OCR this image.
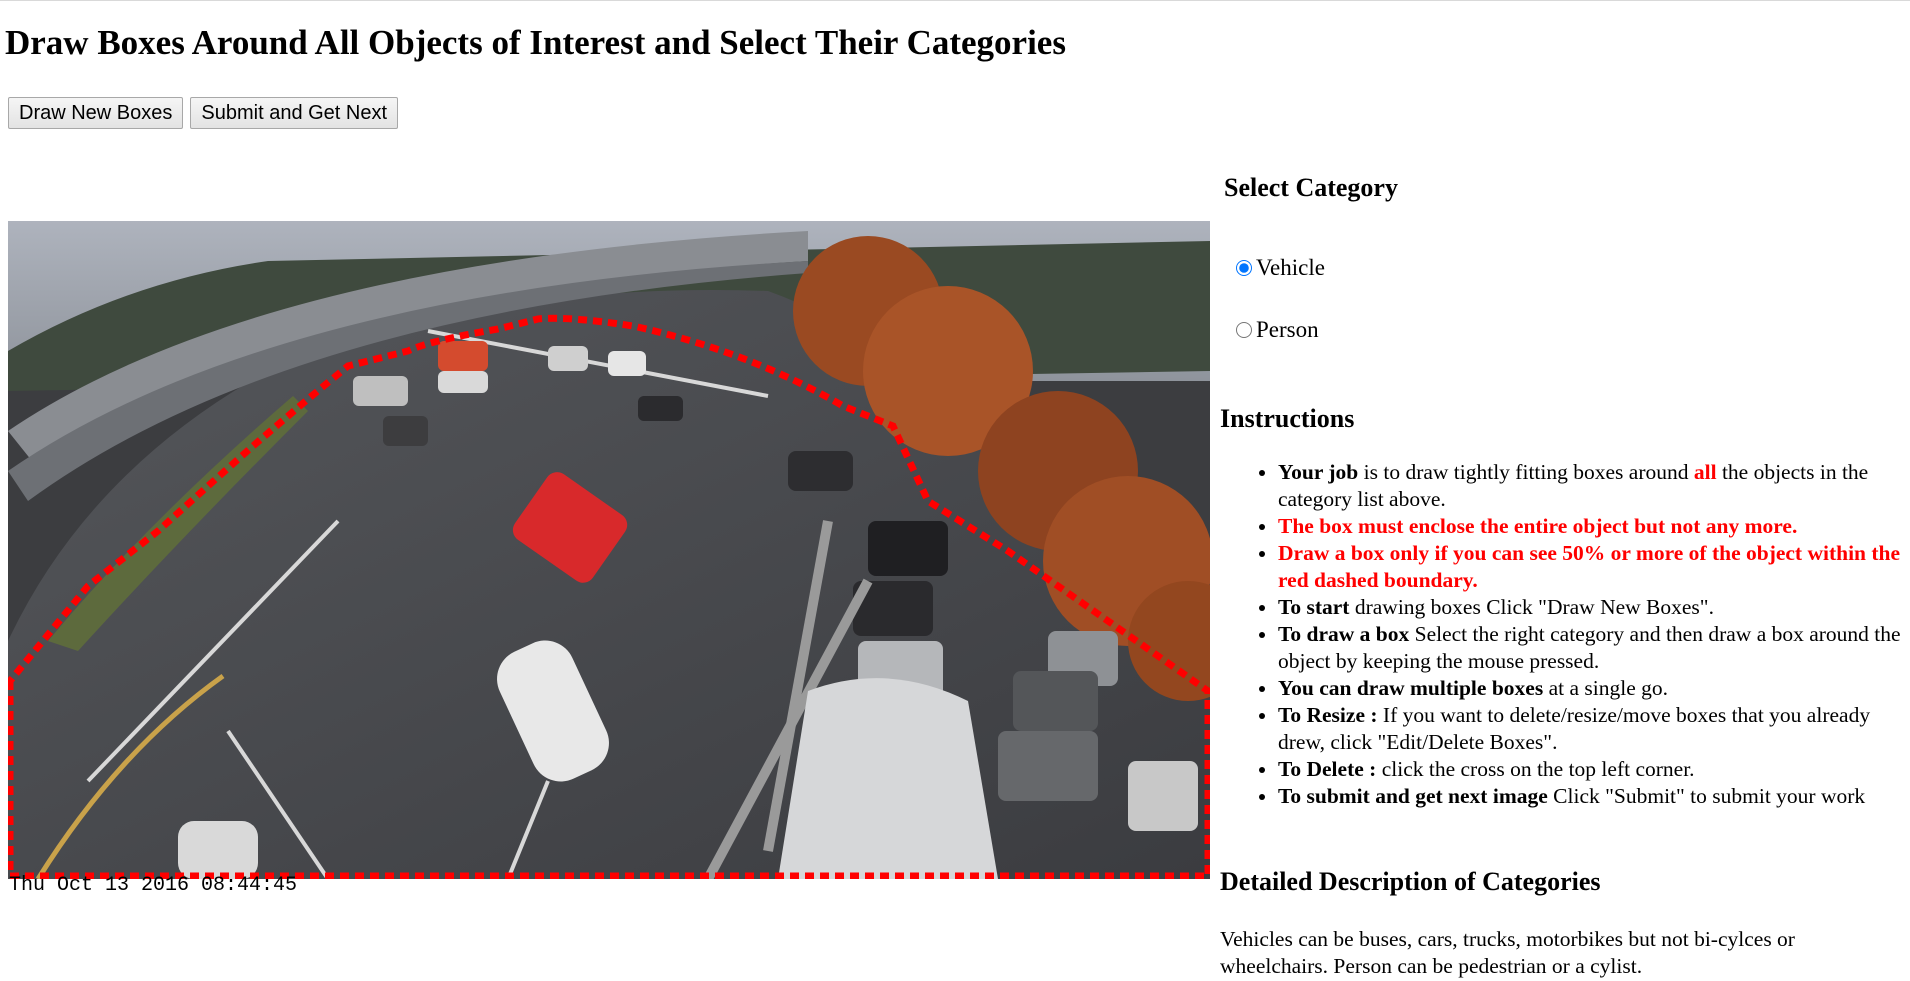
Draw Boxes Around All Objects of Interest and Select Their Categories
Draw New Boxes Submit and Get Next
Thu Oct 13 2016 08:44:45
Select Category
Vehicle
Person
Instructions
• Your job is to draw tightly fitting boxes around all the objects in the category list above.
• The box must enclose the entire object but not any more.
• Draw a box only if you can see 50% or more of the object within the red dashed boundary.
• To start drawing boxes Click "Draw New Boxes".
• To draw a box Select the right category and then draw a box around the object by keeping the mouse pressed.
• You can draw multiple boxes at a single go.
• To Resize : If you want to delete/resize/move boxes that you already drew, click "Edit/Delete Boxes".
• To Delete : click the cross on the top left corner.
• To submit and get next image Click "Submit" to submit your work
Detailed Description of Categories

Vehicles can be buses, cars, trucks, motorbikes but not bi-cylces or wheelchairs. Person can be pedestrian or a cylist.
